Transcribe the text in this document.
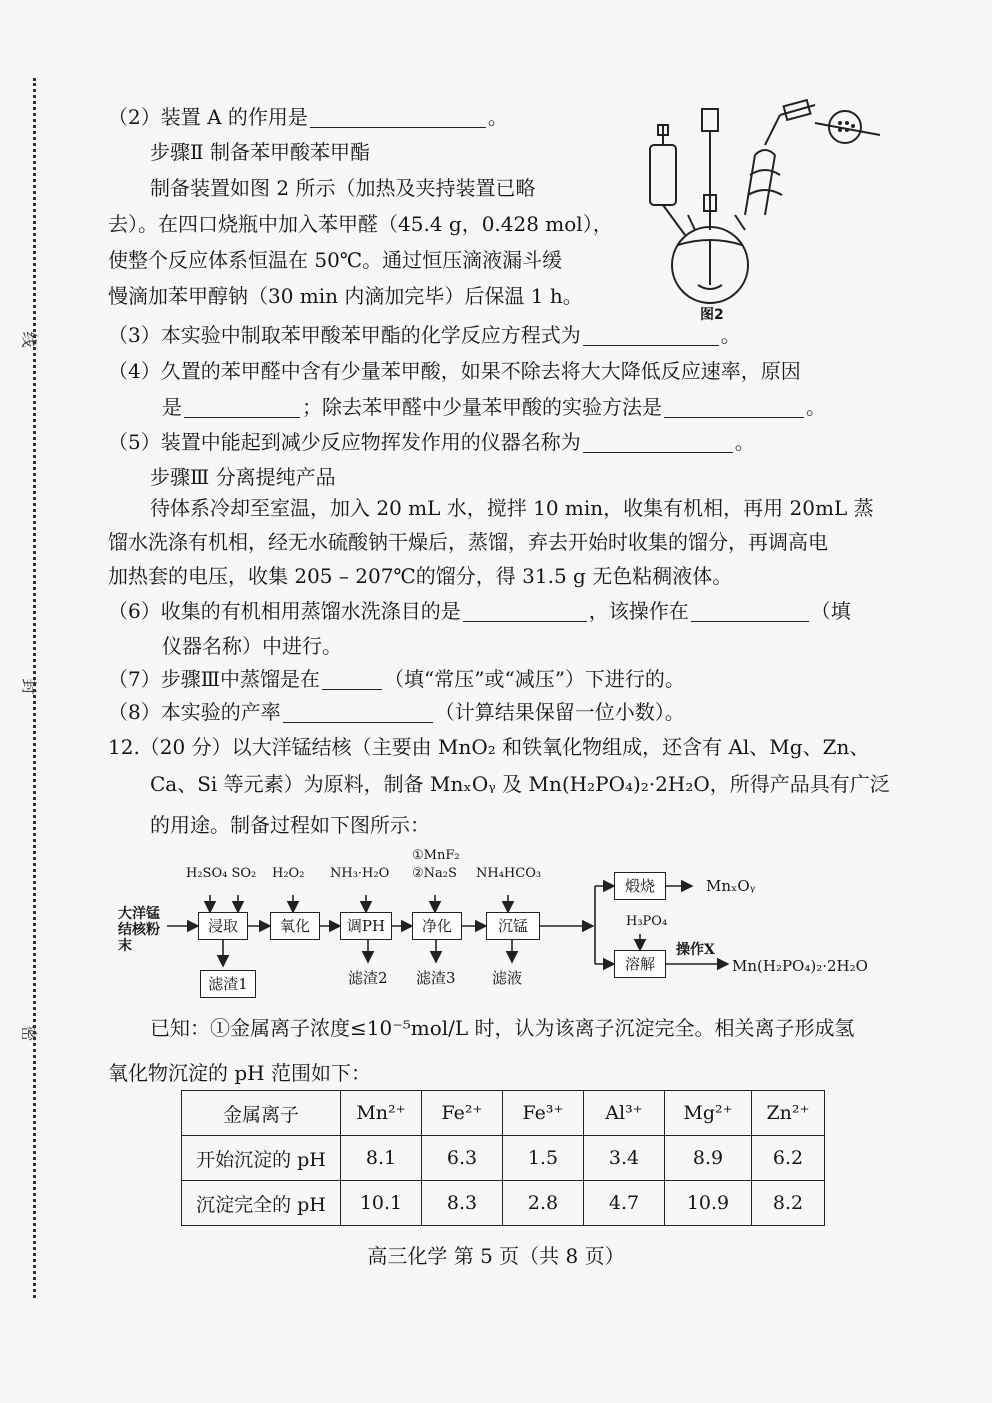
线
封
密
（2）装置 A 的作用是	。
步骤Ⅱ 制备苯甲酸苯甲酯
制备装置如图 2 所示（加热及夹持装置已略
去）。在四口烧瓶中加入苯甲醛（45.4 g，0.428 mol），
使整个反应体系恒温在 50℃。通过恒压滴液漏斗缓
慢滴加苯甲醇钠（30 min 内滴加完毕）后保温 1 h。
图2
（3）本实验中制取苯甲酸苯甲酯的化学反应方程式为	。
（4）久置的苯甲醛中含有少量苯甲酸，如果不除去将大大降低反应速率，原因
是	；除去苯甲醛中少量苯甲酸的实验方法是	。
（5）装置中能起到减少反应物挥发作用的仪器名称为	。
步骤Ⅲ 分离提纯产品
待体系冷却至室温，加入 20 mL 水，搅拌 10 min，收集有机相，再用 20mL 蒸
馏水洗涤有机相，经无水硫酸钠干燥后，蒸馏，弃去开始时收集的馏分，再调高电
加热套的电压，收集 205 – 207℃的馏分，得 31.5 g 无色粘稠液体。
（6）收集的有机相用蒸馏水洗涤目的是	，该操作在	（填
仪器名称）中进行。
（7）步骤Ⅲ中蒸馏是在	（填“常压”或“减压”）下进行的。
（8）本实验的产率	（计算结果保留一位小数）。
12.（20 分）以大洋锰结核（主要由 MnO₂ 和铁氧化物组成，还含有 Al、Mg、Zn、
Ca、Si 等元素）为原料，制备 MnₓOᵧ 及 Mn(H₂PO₄)₂·2H₂O，所得产品具有广泛
的用途。制备过程如下图所示：
大洋锰结核粉末
浸取	氧化	调PH	净化	沉锰
煅烧
溶解
滤渣1
H₂SO₄ SO₂ H₂O₂ NH₃·H₂O
①MnF₂
②Na₂S NH₄HCO₃
H₃PO₄
滤渣2 滤渣3 滤液
操作X
MnₓOᵧ
Mn(H₂PO₄)₂·2H₂O
已知：①金属离子浓度≤10⁻⁵mol/L 时，认为该离子沉淀完全。相关离子形成氢
氧化物沉淀的 pH 范围如下：
金属离子	Mn²⁺	Fe²⁺	Fe³⁺	Al³⁺	Mg²⁺	Zn²⁺
开始沉淀的 pH	8.1	6.3	1.5	3.4	8.9	6.2
沉淀完全的 pH	10.1	8.3	2.8	4.7	10.9	8.2
高三化学 第 5 页（共 8 页）
